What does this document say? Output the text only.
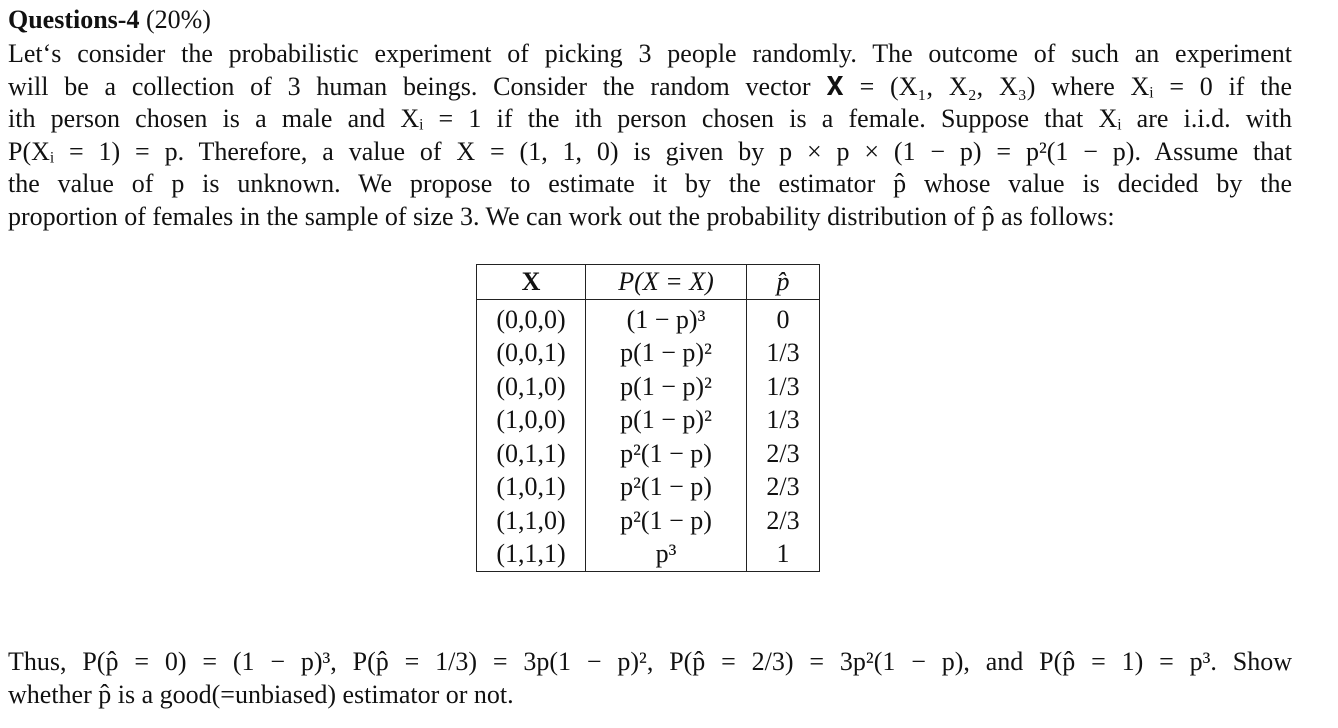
Questions-4 (20%)
Let‘s consider the probabilistic experiment of picking 3 people randomly. The outcome of such an experiment
will be a collection of 3 human beings. Consider the random vector 𝐗 = (X₁, X₂, X₃) where Xᵢ = 0 if the
ith person chosen is a male and Xᵢ = 1 if the ith person chosen is a female. Suppose that Xᵢ are i.i.d. with
P(Xᵢ = 1) = p. Therefore, a value of X = (1, 1, 0) is given by p × p × (1 − p) = p²(1 − p). Assume that
the value of p is unknown. We propose to estimate it by the estimator p̂ whose value is decided by the
proportion of females in the sample of size 3. We can work out the probability distribution of p̂ as follows:
X	P(X = X)	p̂

(0,0,0)	(1 − p)³	0
(0,0,1)	p(1 − p)²	1/3
(0,1,0)	p(1 − p)²	1/3
(1,0,0)	p(1 − p)²	1/3
(0,1,1)	p²(1 − p)	2/3
(1,0,1)	p²(1 − p)	2/3
(1,1,0)	p²(1 − p)	2/3
(1,1,1)	p³	1
Thus, P(p̂ = 0) = (1 − p)³, P(p̂ = 1/3) = 3p(1 − p)², P(p̂ = 2/3) = 3p²(1 − p), and P(p̂ = 1) = p³. Show
whether p̂ is a good(=unbiased) estimator or not.
